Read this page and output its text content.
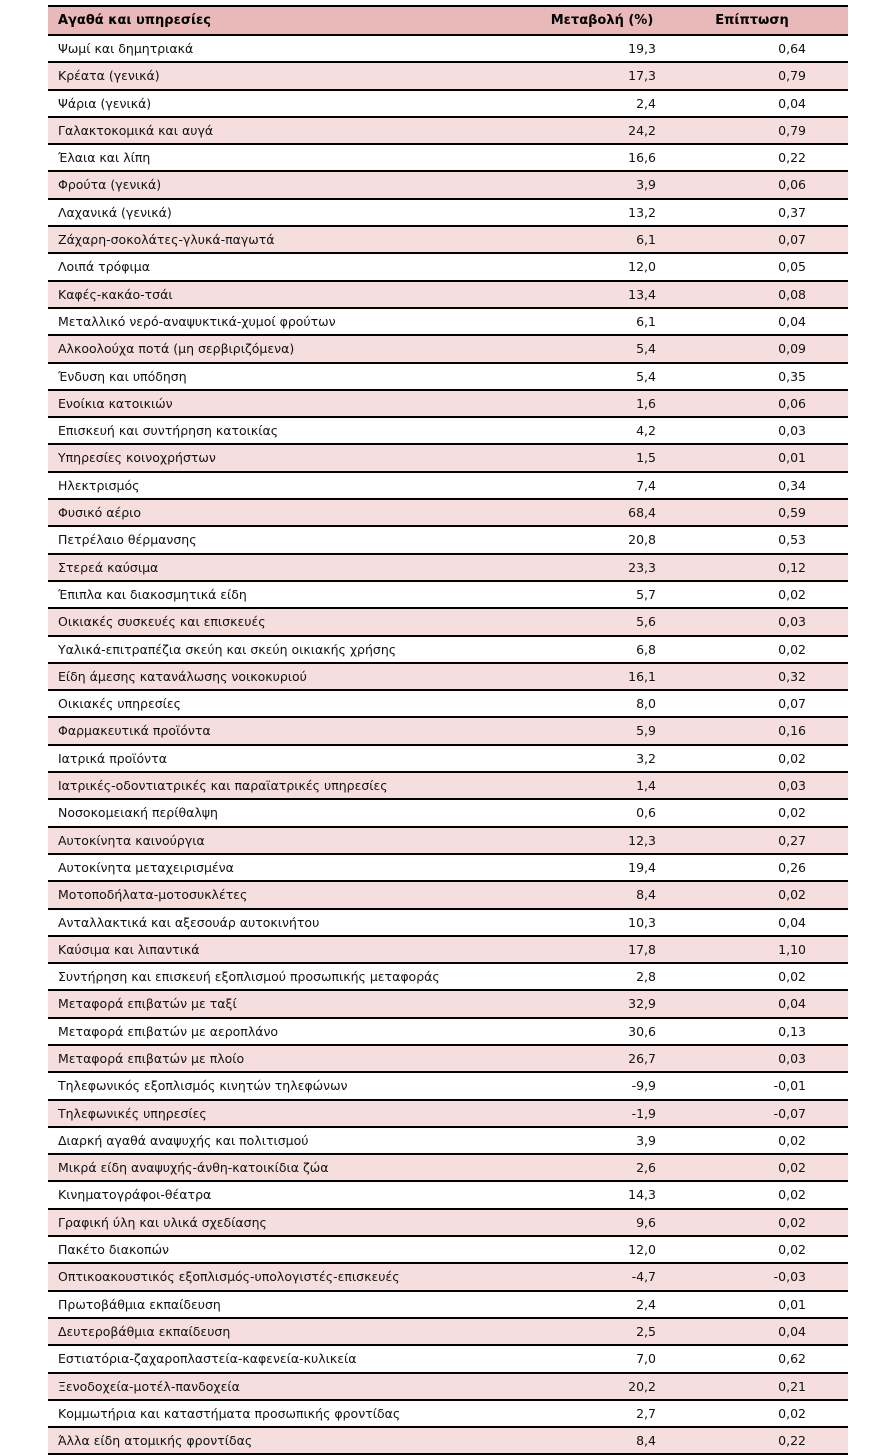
Αγαθά και υπηρεσίες	Μεταβολή (%)	Επίπτωση
Ψωμί και δημητριακά	19,3	0,64
Κρέατα (γενικά)	17,3	0,79
Ψάρια (γενικά)	2,4	0,04
Γαλακτοκομικά και αυγά	24,2	0,79
Έλαια και λίπη	16,6	0,22
Φρούτα (γενικά)	3,9	0,06
Λαχανικά (γενικά)	13,2	0,37
Ζάχαρη-σοκολάτες-γλυκά-παγωτά	6,1	0,07
Λοιπά τρόφιμα	12,0	0,05
Καφές-κακάο-τσάι	13,4	0,08
Μεταλλικό νερό-αναψυκτικά-χυμοί φρούτων	6,1	0,04
Αλκοολούχα ποτά (μη σερβιριζόμενα)	5,4	0,09
Ένδυση και υπόδηση	5,4	0,35
Ενοίκια κατοικιών	1,6	0,06
Επισκευή και συντήρηση κατοικίας	4,2	0,03
Υπηρεσίες κοινοχρήστων	1,5	0,01
Ηλεκτρισμός	7,4	0,34
Φυσικό αέριο	68,4	0,59
Πετρέλαιο θέρμανσης	20,8	0,53
Στερεά καύσιμα	23,3	0,12
Έπιπλα και διακοσμητικά είδη	5,7	0,02
Οικιακές συσκευές και επισκευές	5,6	0,03
Υαλικά-επιτραπέζια σκεύη και σκεύη οικιακής χρήσης	6,8	0,02
Είδη άμεσης κατανάλωσης νοικοκυριού	16,1	0,32
Οικιακές υπηρεσίες	8,0	0,07
Φαρμακευτικά προϊόντα	5,9	0,16
Ιατρικά προϊόντα	3,2	0,02
Ιατρικές-οδοντιατρικές και παραϊατρικές υπηρεσίες	1,4	0,03
Νοσοκομειακή περίθαλψη	0,6	0,02
Αυτοκίνητα καινούργια	12,3	0,27
Αυτοκίνητα μεταχειρισμένα	19,4	0,26
Μοτοποδήλατα-μοτοσυκλέτες	8,4	0,02
Ανταλλακτικά και αξεσουάρ αυτοκινήτου	10,3	0,04
Καύσιμα και λιπαντικά	17,8	1,10
Συντήρηση και επισκευή εξοπλισμού προσωπικής μεταφοράς	2,8	0,02
Μεταφορά επιβατών με ταξί	32,9	0,04
Μεταφορά επιβατών με αεροπλάνο	30,6	0,13
Μεταφορά επιβατών με πλοίο	26,7	0,03
Τηλεφωνικός εξοπλισμός κινητών τηλεφώνων	-9,9	-0,01
Τηλεφωνικές υπηρεσίες	-1,9	-0,07
Διαρκή αγαθά αναψυχής και πολιτισμού	3,9	0,02
Μικρά είδη αναψυχής-άνθη-κατοικίδια ζώα	2,6	0,02
Κινηματογράφοι-θέατρα	14,3	0,02
Γραφική ύλη και υλικά σχεδίασης	9,6	0,02
Πακέτο διακοπών	12,0	0,02
Οπτικοακουστικός εξοπλισμός-υπολογιστές-επισκευές	-4,7	-0,03
Πρωτοβάθμια εκπαίδευση	2,4	0,01
Δευτεροβάθμια εκπαίδευση	2,5	0,04
Εστιατόρια-ζαχαροπλαστεία-καφενεία-κυλικεία	7,0	0,62
Ξενοδοχεία-μοτέλ-πανδοχεία	20,2	0,21
Κομμωτήρια και καταστήματα προσωπικής φροντίδας	2,7	0,02
Άλλα είδη ατομικής φροντίδας	8,4	0,22
